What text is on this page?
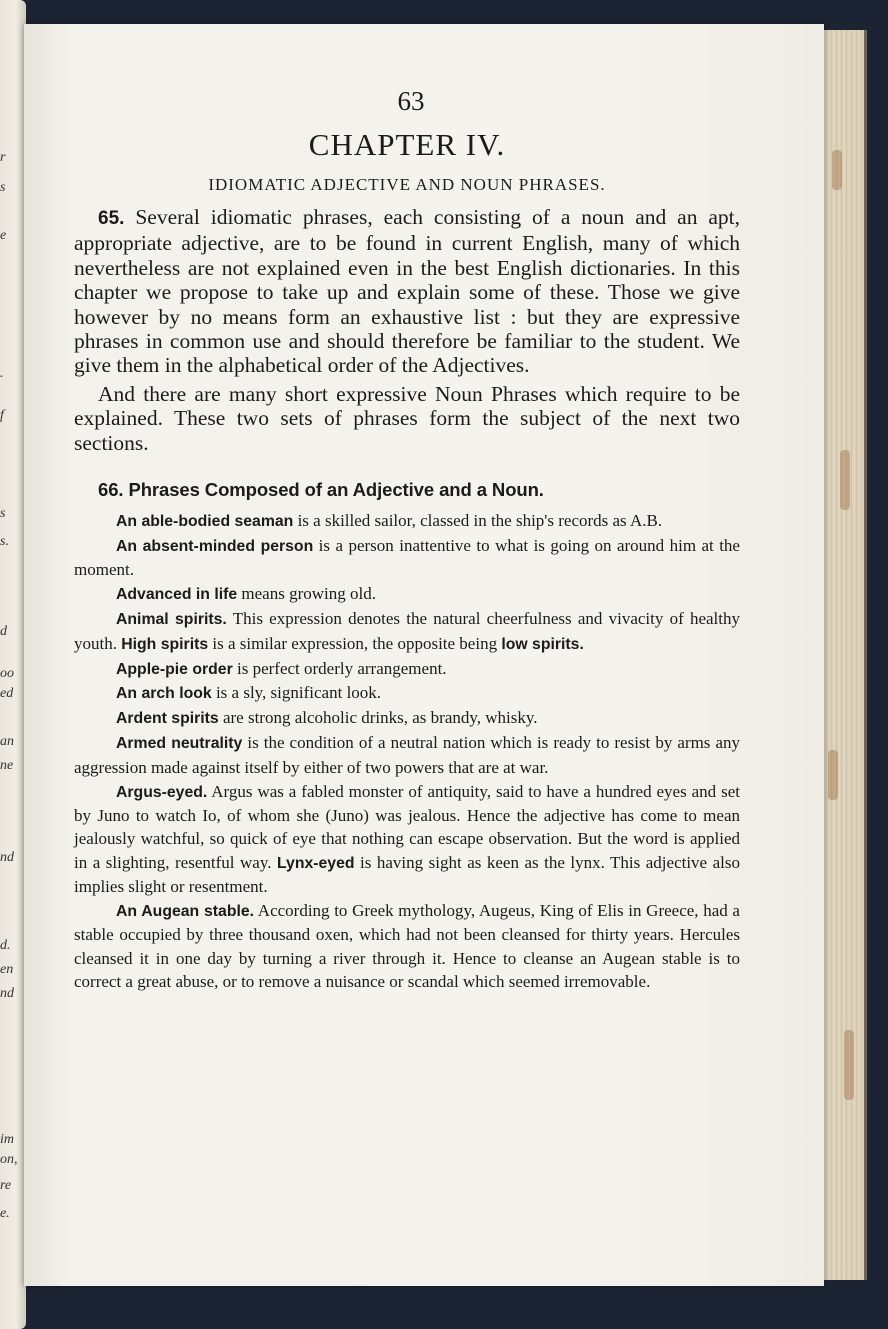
r
s
e
.
f
s
s.
d
oo
ed
an
ne
nd
d.
en
nd
im
on,
re
e.
63
CHAPTER IV.
IDIOMATIC ADJECTIVE AND NOUN PHRASES.

65. Several idiomatic phrases, each consisting of a noun and an apt, appropriate adjective, are to be found in current English, many of which nevertheless are not explained even in the best English dictionaries. In this chapter we propose to take up and explain some of these. Those we give however by no means form an exhaustive list : but they are expressive phrases in common use and should therefore be familiar to the student. We give them in the alphabetical order of the Adjectives.

And there are many short expressive Noun Phrases which require to be explained. These two sets of phrases form the subject of the next two sections.

66. Phrases Composed of an Adjective and a Noun.

An able-bodied seaman is a skilled sailor, classed in the ship's records as A.B.

An absent-minded person is a person inattentive to what is going on around him at the moment.

Advanced in life means growing old.

Animal spirits. This expression denotes the natural cheerfulness and vivacity of healthy youth. High spirits is a similar expression, the opposite being low spirits.

Apple-pie order is perfect orderly arrangement.

An arch look is a sly, significant look.

Ardent spirits are strong alcoholic drinks, as brandy, whisky.

Armed neutrality is the condition of a neutral nation which is ready to resist by arms any aggression made against itself by either of two powers that are at war.

Argus-eyed. Argus was a fabled monster of antiquity, said to have a hundred eyes and set by Juno to watch Io, of whom she (Juno) was jealous. Hence the adjective has come to mean jealously watchful, so quick of eye that nothing can escape observation. But the word is applied in a slighting, resentful way. Lynx-eyed is having sight as keen as the lynx. This adjective also implies slight or resentment.

An Augean stable. According to Greek mythology, Augeus, King of Elis in Greece, had a stable occupied by three thousand oxen, which had not been cleansed for thirty years. Hercules cleansed it in one day by turning a river through it. Hence to cleanse an Augean stable is to correct a great abuse, or to remove a nuisance or scandal which seemed irremovable.
